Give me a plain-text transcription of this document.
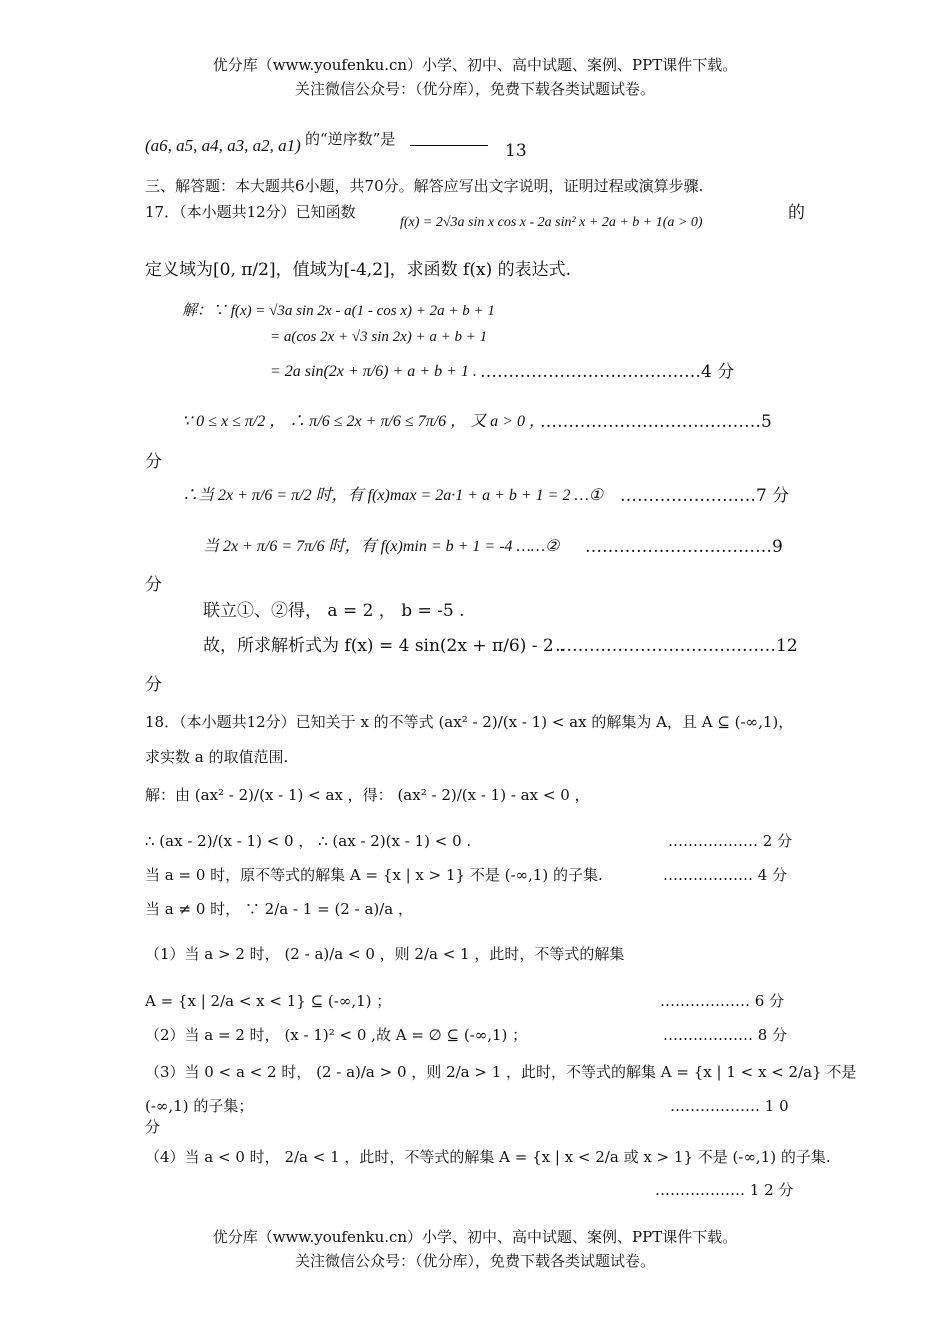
优分库（www.youfenku.cn）小学、初中、高中试题、案例、PPT课件下载。
关注微信公众号：（优分库），免费下载各类试题试卷。
(a6, a5, a4, a3, a2, a1) 的“逆序数”是
13
三、解答题：本大题共6小题，共70分。解答应写出文字说明，证明过程或演算步骤.
17．（本小题共12分）已知函数
f(x) = 2√3a sin x cos x - 2a sin² x + 2a + b + 1(a > 0)	的
定义域为[0, π/2]，值域为[-4,2]，求函数 f(x) 的表达式.
解：∵ f(x) = √3a sin 2x - a(1 - cos x) + 2a + b + 1
= a(cos 2x + √3 sin 2x) + a + b + 1
= 2a sin(2x + π/6) + a + b + 1 . …………………………………4 分
∵ 0 ≤ x ≤ π/2 ， ∴ π/6 ≤ 2x + π/6 ≤ 7π/6 ， 又 a > 0 ，
…………………………………5
分
∴当 2x + π/6 = π/2 时，有 f(x)max = 2a·1 + a + b + 1 = 2 …① ……………………7 分
当 2x + π/6 = 7π/6 时，有 f(x)min = b + 1 = -4 ……② ……………………………9
分
联立①、②得， a = 2 ， b = -5 .
故，所求解析式为 f(x) = 4 sin(2x + π/6) - 2 .
…………………………………12
分
18．（本小题共12分）已知关于 x 的不等式 (ax² - 2)/(x - 1) < ax 的解集为 A，且 A ⊆ (-∞,1)，
求实数 a 的取值范围.
解：由 (ax² - 2)/(x - 1) < ax ，得： (ax² - 2)/(x - 1) - ax < 0 ，
∴ (ax - 2)/(x - 1) < 0 ， ∴ (ax - 2)(x - 1) < 0 .	……………… 2 分
当 a = 0 时，原不等式的解集 A = {x | x > 1} 不是 (-∞,1) 的子集.	……………… 4 分
当 a ≠ 0 时， ∵ 2/a - 1 = (2 - a)/a ，
（1）当 a > 2 时， (2 - a)/a < 0 ，则 2/a < 1 ，此时，不等式的解集
A = {x | 2/a < x < 1} ⊆ (-∞,1) ；	……………… 6 分
（2）当 a = 2 时， (x - 1)² < 0 ,故 A = ∅ ⊆ (-∞,1) ；	……………… 8 分
（3）当 0 < a < 2 时， (2 - a)/a > 0 ，则 2/a > 1 ，此时，不等式的解集 A = {x | 1 < x < 2/a} 不是
(-∞,1) 的子集；	……………… 1 0
分
（4）当 a < 0 时， 2/a < 1 ，此时，不等式的解集 A = {x | x < 2/a 或 x > 1} 不是 (-∞,1) 的子集.
……………… 1 2 分
优分库（www.youfenku.cn）小学、初中、高中试题、案例、PPT课件下载。
关注微信公众号：（优分库），免费下载各类试题试卷。
